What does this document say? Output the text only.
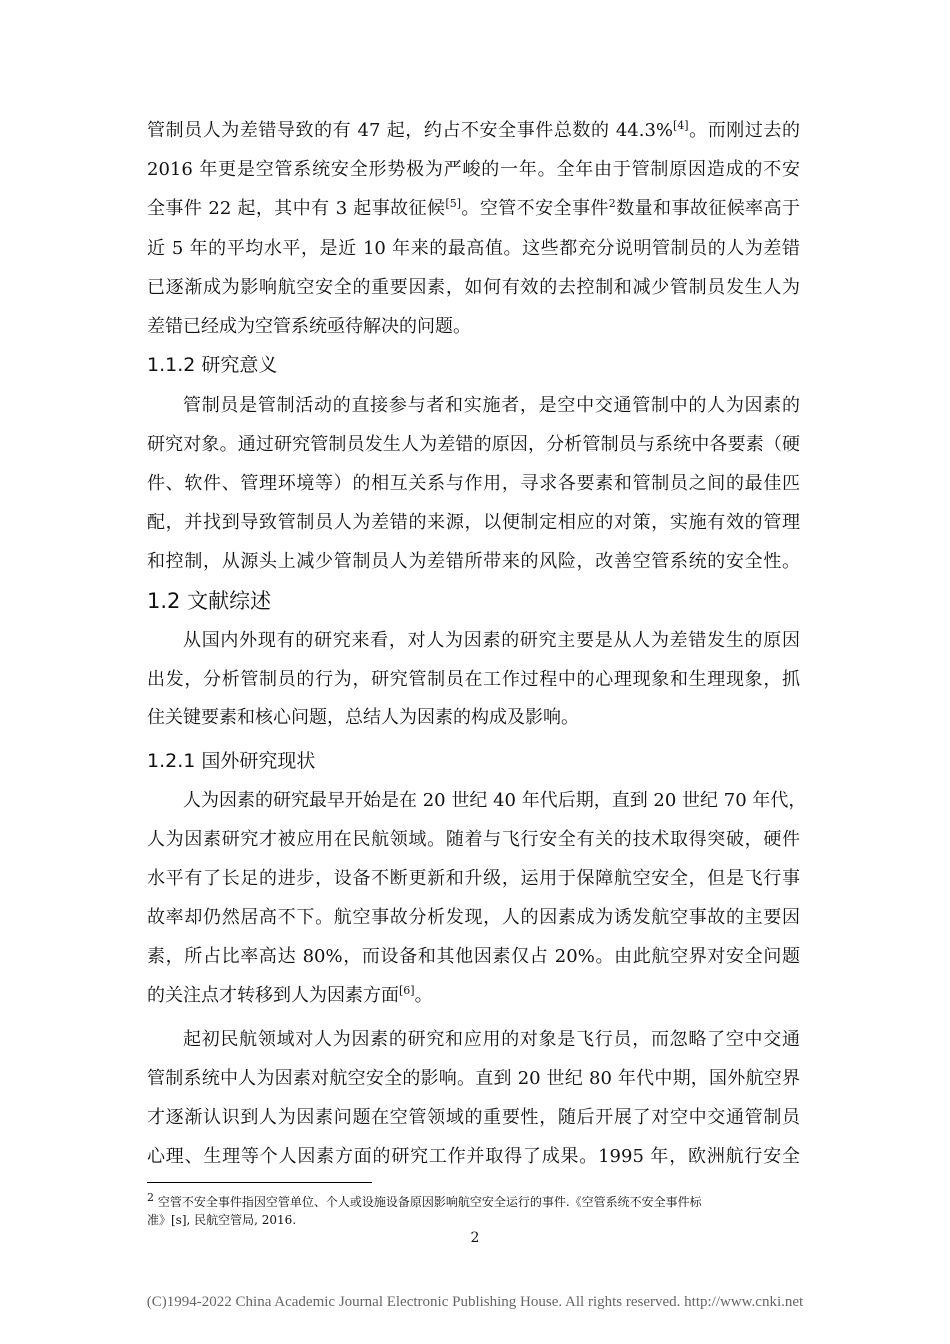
管制员人为差错导致的有 47 起，约占不安全事件总数的 44.3%[4]。而刚过去的
2016 年更是空管系统安全形势极为严峻的一年。全年由于管制原因造成的不安
全事件 22 起，其中有 3 起事故征候[5]。空管不安全事件$^2$数量和事故征候率高于
近 5 年的平均水平，是近 10 年来的最高值。这些都充分说明管制员的人为差错
已逐渐成为影响航空安全的重要因素，如何有效的去控制和减少管制员发生人为
差错已经成为空管系统亟待解决的问题。
1.1.2 研究意义
管制员是管制活动的直接参与者和实施者，是空中交通管制中的人为因素的
研究对象。通过研究管制员发生人为差错的原因，分析管制员与系统中各要素（硬
件、软件、管理环境等）的相互关系与作用，寻求各要素和管制员之间的最佳匹
配，并找到导致管制员人为差错的来源，以便制定相应的对策，实施有效的管理
和控制，从源头上减少管制员人为差错所带来的风险，改善空管系统的安全性。
1.2 文献综述
从国内外现有的研究来看，对人为因素的研究主要是从人为差错发生的原因
出发，分析管制员的行为，研究管制员在工作过程中的心理现象和生理现象，抓
住关键要素和核心问题，总结人为因素的构成及影响。
1.2.1 国外研究现状
人为因素的研究最早开始是在 20 世纪 40 年代后期，直到 20 世纪 70 年代，
人为因素研究才被应用在民航领域。随着与飞行安全有关的技术取得突破，硬件
水平有了长足的进步，设备不断更新和升级，运用于保障航空安全，但是飞行事
故率却仍然居高不下。航空事故分析发现，人的因素成为诱发航空事故的主要因
素，所占比率高达 80%，而设备和其他因素仅占 20%。由此航空界对安全问题
的关注点才转移到人为因素方面[6]。
起初民航领域对人为因素的研究和应用的对象是飞行员，而忽略了空中交通
管制系统中人为因素对航空安全的影响。直到 20 世纪 80 年代中期，国外航空界
才逐渐认识到人为因素问题在空管领域的重要性，随后开展了对空中交通管制员
心理、生理等个人因素方面的研究工作并取得了成果。1995 年，欧洲航行安全
$^2$ 空管不安全事件指因空管单位、个人或设施设备原因影响航空安全运行的事件.《空管系统不安全事件标
准》[s], 民航空管局, 2016.
2
(C)1994-2022 China Academic Journal Electronic Publishing House. All rights reserved. http://www.cnki.net
